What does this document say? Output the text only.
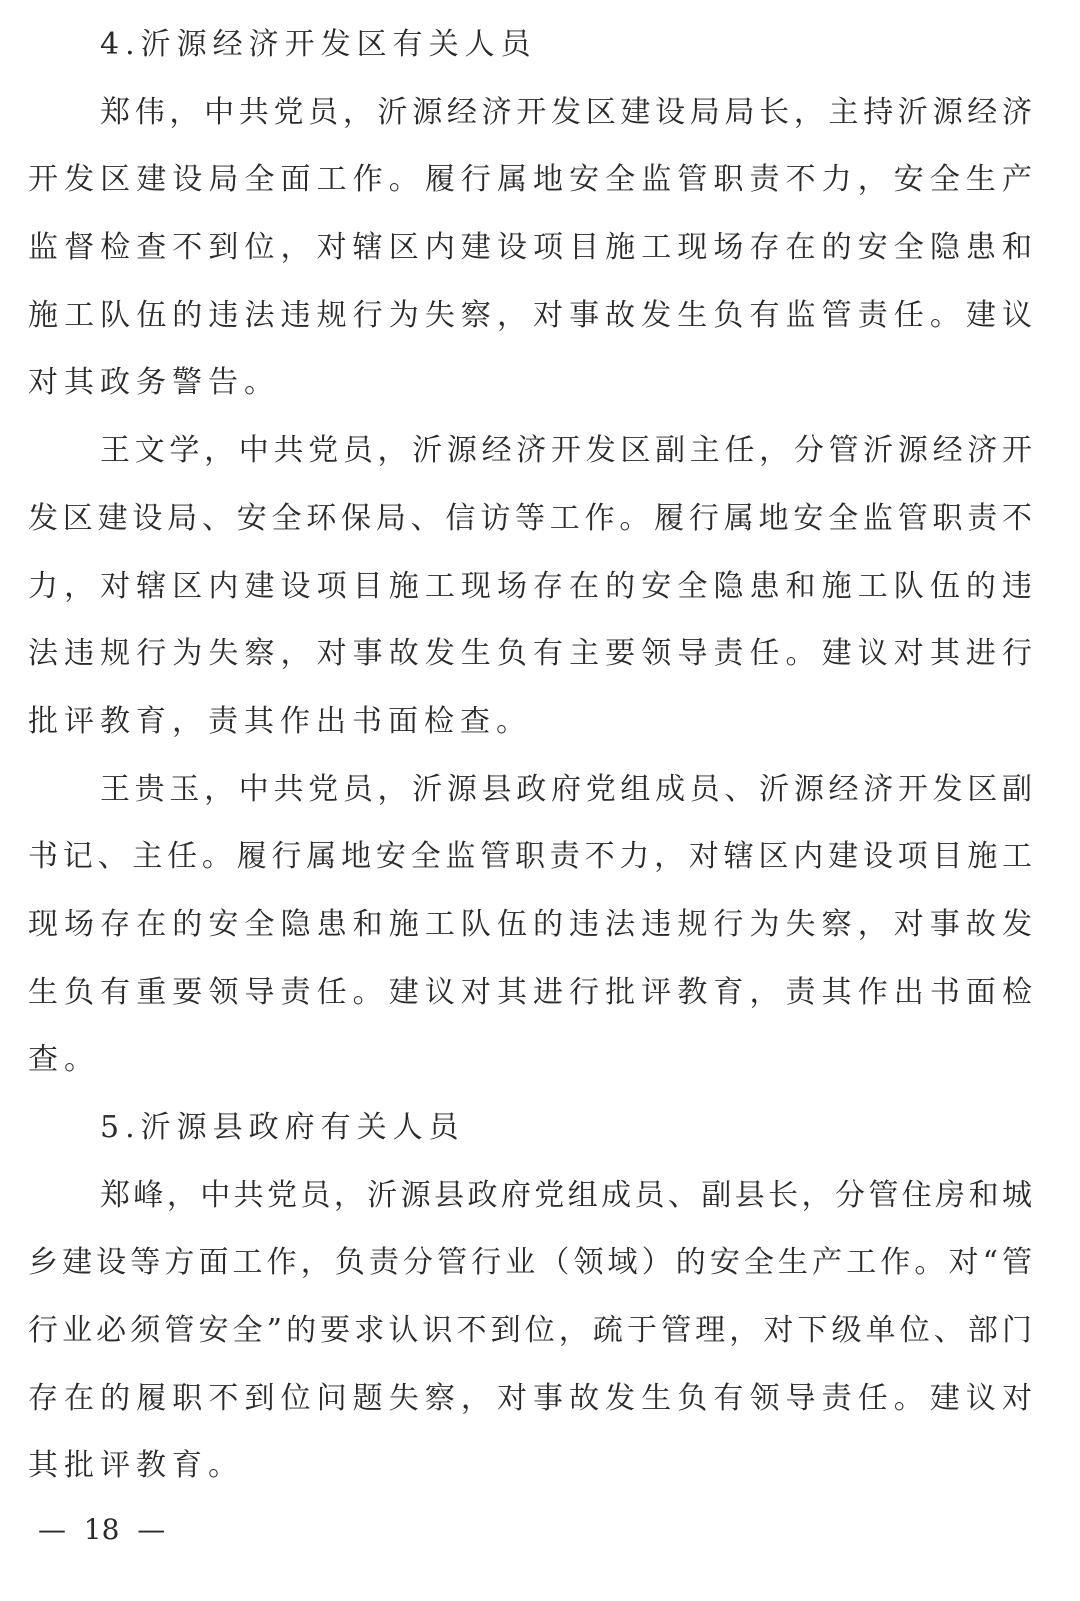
4.沂源经济开发区有关人员
郑伟，中共党员，沂源经济开发区建设局局长，主持沂源经济
开发区建设局全面工作。履行属地安全监管职责不力，安全生产
监督检查不到位，对辖区内建设项目施工现场存在的安全隐患和
施工队伍的违法违规行为失察，对事故发生负有监管责任。建议
对其政务警告。
王文学，中共党员，沂源经济开发区副主任，分管沂源经济开
发区建设局、安全环保局、信访等工作。履行属地安全监管职责不
力，对辖区内建设项目施工现场存在的安全隐患和施工队伍的违
法违规行为失察，对事故发生负有主要领导责任。建议对其进行
批评教育，责其作出书面检查。
王贵玉，中共党员，沂源县政府党组成员、沂源经济开发区副
书记、主任。履行属地安全监管职责不力，对辖区内建设项目施工
现场存在的安全隐患和施工队伍的违法违规行为失察，对事故发
生负有重要领导责任。建议对其进行批评教育，责其作出书面检
查。
5.沂源县政府有关人员
郑峰，中共党员，沂源县政府党组成员、副县长，分管住房和城
乡建设等方面工作，负责分管行业（领域）的安全生产工作。对“管
行业必须管安全”的要求认识不到位，疏于管理，对下级单位、部门
存在的履职不到位问题失察，对事故发生负有领导责任。建议对
其批评教育。
—  18  —
